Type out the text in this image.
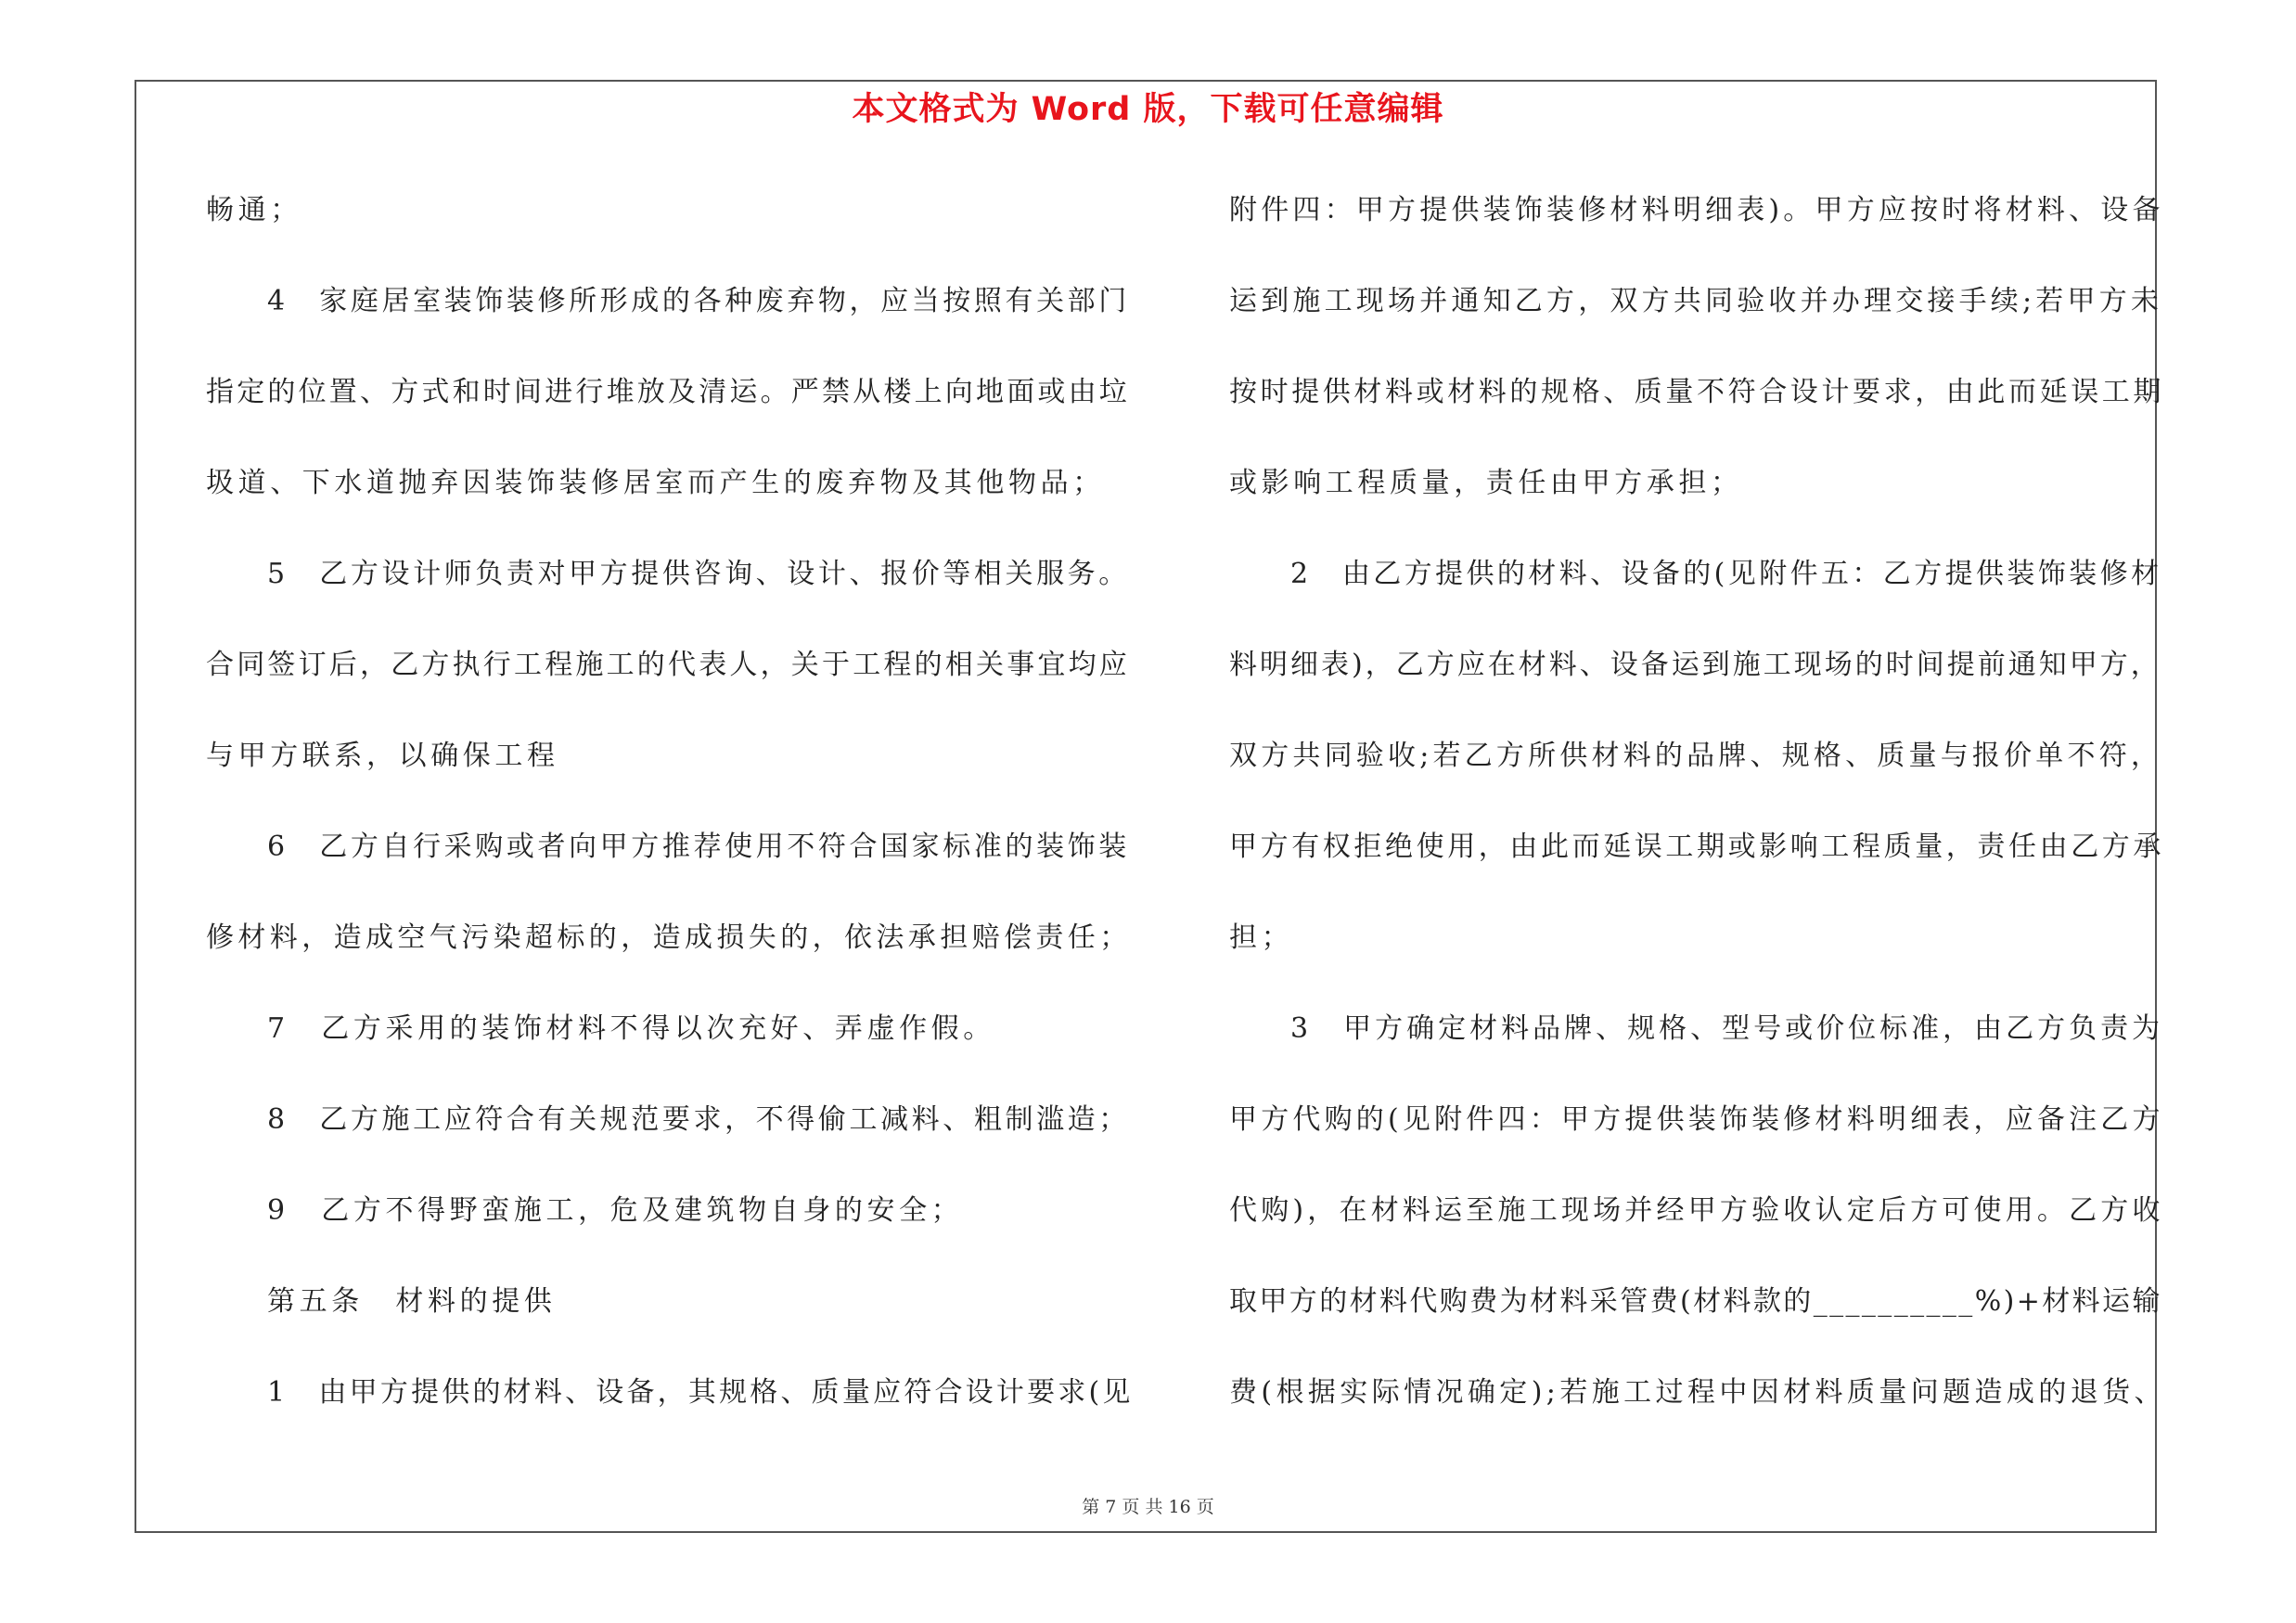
本文格式为 Word 版，下载可任意编辑
畅通；
4　家庭居室装饰装修所形成的各种废弃物，应当按照有关部门
指定的位置、方式和时间进行堆放及清运。严禁从楼上向地面或由垃
圾道、下水道抛弃因装饰装修居室而产生的废弃物及其他物品；
5　乙方设计师负责对甲方提供咨询、设计、报价等相关服务。
合同签订后，乙方执行工程施工的代表人，关于工程的相关事宜均应
与甲方联系，以确保工程
6　乙方自行采购或者向甲方推荐使用不符合国家标准的装饰装
修材料，造成空气污染超标的，造成损失的，依法承担赔偿责任；
7　乙方采用的装饰材料不得以次充好、弄虚作假。
8　乙方施工应符合有关规范要求，不得偷工减料、粗制滥造；
9　乙方不得野蛮施工，危及建筑物自身的安全；
第五条　材料的提供
1　由甲方提供的材料、设备，其规格、质量应符合设计要求(见
附件四：甲方提供装饰装修材料明细表)。甲方应按时将材料、设备
运到施工现场并通知乙方，双方共同验收并办理交接手续;若甲方未
按时提供材料或材料的规格、质量不符合设计要求，由此而延误工期
或影响工程质量，责任由甲方承担；
2　由乙方提供的材料、设备的(见附件五：乙方提供装饰装修材
料明细表)，乙方应在材料、设备运到施工现场的时间提前通知甲方，
双方共同验收;若乙方所供材料的品牌、规格、质量与报价单不符，
甲方有权拒绝使用，由此而延误工期或影响工程质量，责任由乙方承
担；
3　甲方确定材料品牌、规格、型号或价位标准，由乙方负责为
甲方代购的(见附件四：甲方提供装饰装修材料明细表，应备注乙方
代购)，在材料运至施工现场并经甲方验收认定后方可使用。乙方收
取甲方的材料代购费为材料采管费(材料款的__________%)+材料运输
费(根据实际情况确定);若施工过程中因材料质量问题造成的退货、
第 7 页 共 16 页
